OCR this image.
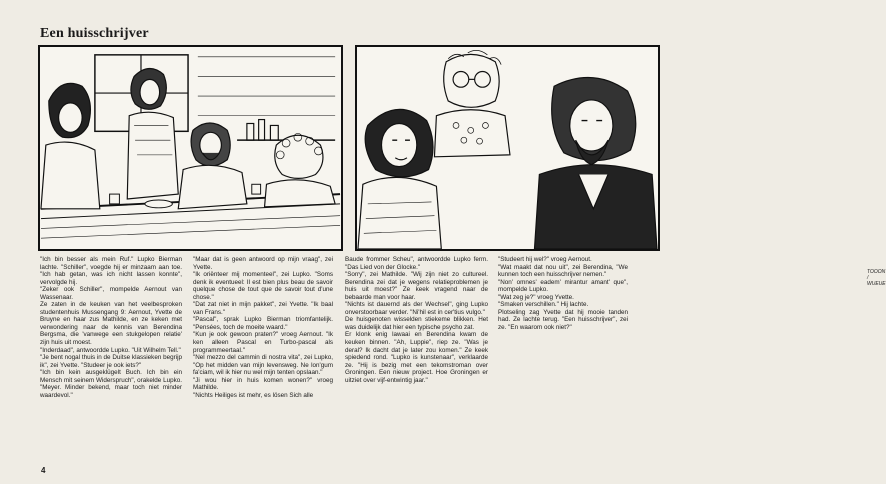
Een huisschrijver
TOOON / WUEUE

"Ich bin besser als mein Ruf." Lupko Bierman lachte. "Schiller", voegde hij er minzaam aan toe. "Ich hab getan, was ich nicht lassen konnte", vervolgde hij.
"Zeker ook Schiller", mompelde Aernout van Wassenaar.
Ze zaten in de keuken van het veelbesproken studentenhuis Mussengang 9: Aernout, Yvette de Bruyne en haar zus Mathilde, en ze keken met verwondering naar de kennis van Berendina Bergsma, die 'vanwege een stukgelopen relatie' zijn huis uit moest.
"Inderdaad", antwoordde Lupko. "Uit Wilhelm Tell."
"Je bent nogal thuis in de Duitse klassieken begrijp ik", zei Yvette. "Studeer je ook iets?"
"Ich bin kein ausgeklügelt Buch. Ich bin ein Mensch mit seinem Widerspruch", orakelde Lupko. "Meyer. Minder bekend, maar toch niet minder waardevol."

"Maar dat is geen antwoord op mijn vraag", zei Yvette.
"Ik oriënteer mij momenteel", zei Lupko. "Soms denk ik eventueel: Il est bien plus beau de savoir quelque chose de tout que de savoir tout d'une chose."
"Dat zat niet in mijn pakket", zei Yvette. "Ik baal van Frans."
"Pascal", sprak Lupko Bierman triomfantelijk. "Pensées, toch de moeite waard."
"Kun je ook gewoon praten?" vroeg Aernout. "Ik ken alleen Pascal en Turbo-pascal als programmeertaal."
"Nel mezzo del cammin di nostra vita", zei Lupko, "Op het midden van mijn levensweg. Ne lon'gum fa'ciam, wil ik hier nu wel mijn tenten opslaan."
"Ji wou hier in huis komen wonen?" vroeg Mathilde.
"Nichts Heiliges ist mehr, es lösen Sich alle

Baude frommer Scheu", antwoordde Lupko ferm. "Das Lied von der Glocke."
"Sorry", zei Mathilde. "Wij zijn niet zo cultureel. Berendina zei dat je wegens relatieproblemen je huis uit moest?" Ze keek vragend naar de bebaarde man voor haar.
"Nichts ist dauernd als der Wechsel", ging Lupko onverstoorbaar verder. "Ni'hil est in cer'tius vulgo."
De huisgenoten wisselden stiekeme blikken. Het was duidelijk dat hier een typische psycho zat.
Er klonk enig lawaai en Berendina kwam de keuken binnen. "Ah, Luppie", riep ze. "Was je deral? Ik dacht dat je later zou komen." Ze keek spiedend rond. "Lupko is kunstenaar", verklaarde ze. "Hij is bezig met een tekomstroman over Groningen. Een nieuw project. Hoe Groningen er uitziet over vijf-entwintig jaar."

"Studeert hij wel?" vroeg Aernout.
"Wat maakt dat nou uit", zei Berendina, "We kunnen toch een huisschrijver nemen."
"Non' omnes' eadem' mirantur amant' que", mompelde Lupko.
"Wat zeg je?" vroeg Yvette.
"Smaken verschillen." Hij lachte.
Plotseling zag Yvette dat hij mooie tanden had. Ze lachte terug. "Een huisschrijver", zei ze. "En waarom ook niet?"

4
